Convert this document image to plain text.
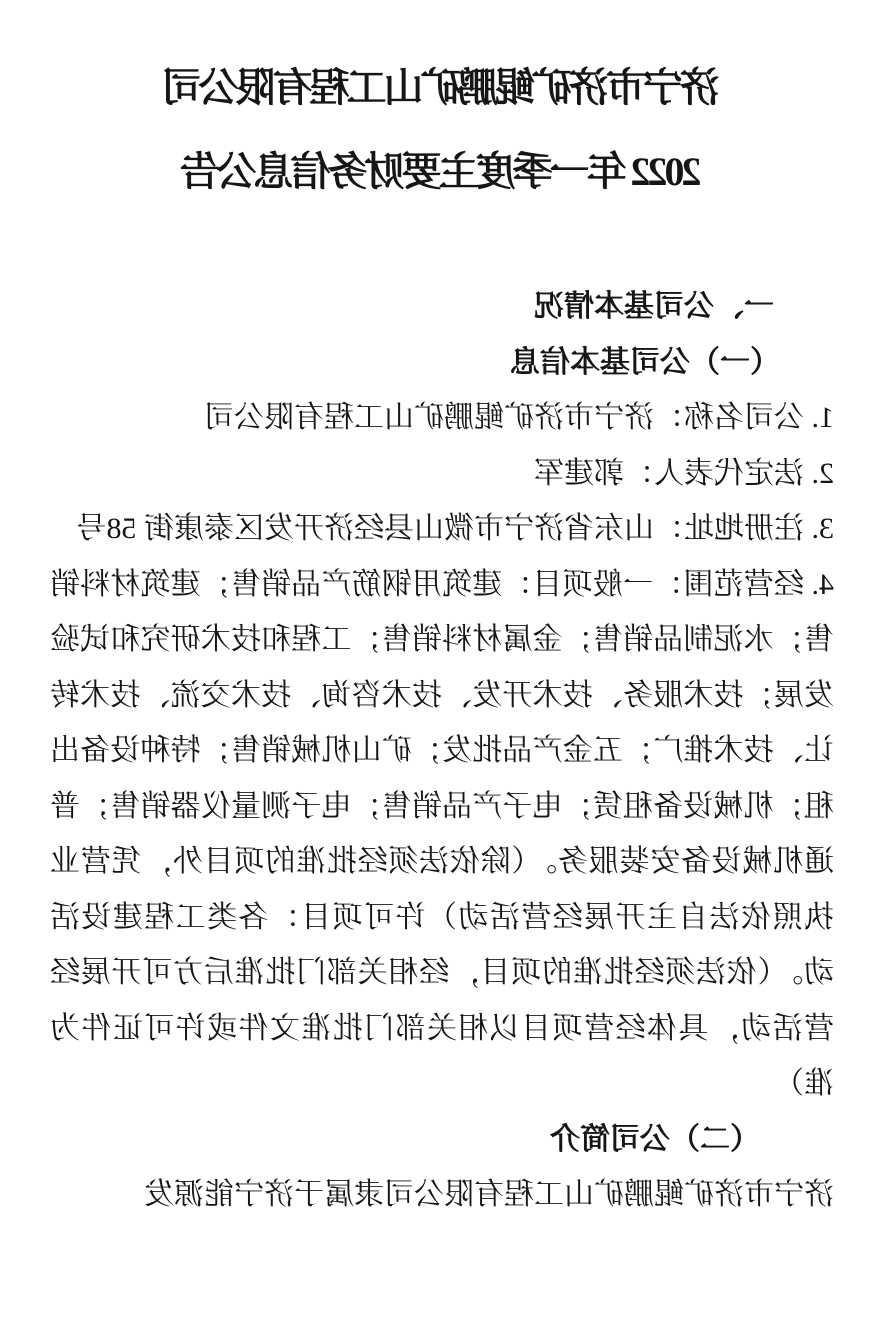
济宁市济矿鲲鹏矿山工程有限公司
2022 年一季度主要财务信息公告
一、公司基本情况
（一）公司基本信息

1. 公司名称：济宁市济矿鲲鹏矿山工程有限公司

2. 法定代表人：郭建军

3. 注册地址：山东省济宁市微山县经济开发区泰康街 58号

4. 经营范围：一般项目：建筑用钢筋产品销售；建筑材料销售；水泥制品销售；金属材料销售；工程和技术研究和试验发展；技术服务、技术开发、技术咨询、技术交流、技术转让、技术推广；五金产品批发；矿山机械销售；特种设备出租；机械设备租赁；电子产品销售；电子测量仪器销售；普通机械设备安装服务。（除依法须经批准的项目外，凭营业执照依法自主开展经营活动）许可项目：各类工程建设活动。（依法须经批准的项目，经相关部门批准后方可开展经营活动，具体经营项目以相关部门批准文件或许可证件为准）

（二）公司简介

济宁市济矿鲲鹏矿山工程有限公司隶属于济宁能源发
